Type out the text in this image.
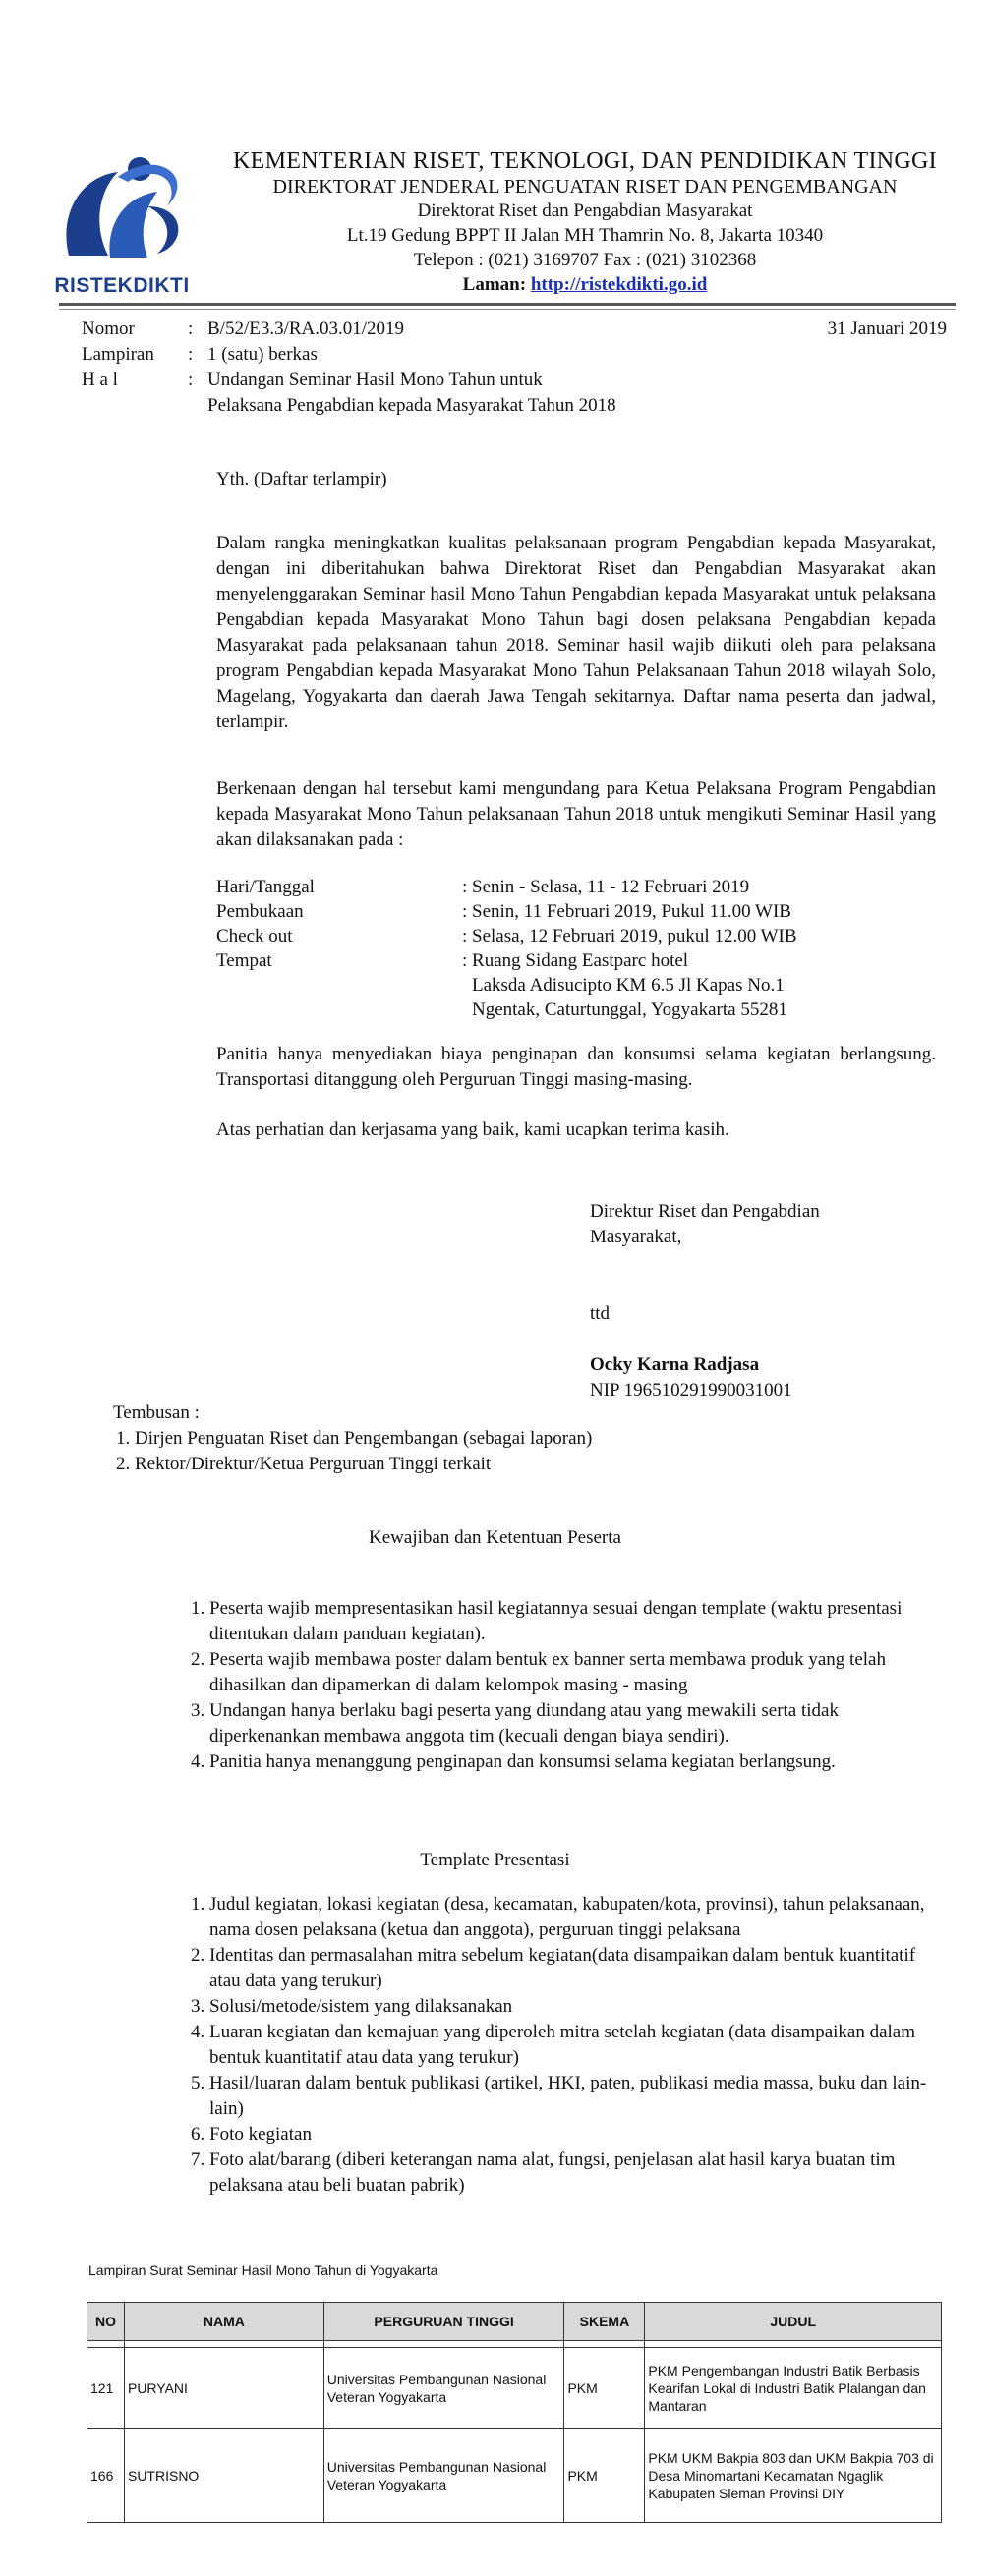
RISTEKDIKTI
KEMENTERIAN RISET, TEKNOLOGI, DAN PENDIDIKAN TINGGI
DIREKTORAT JENDERAL PENGUATAN RISET DAN PENGEMBANGAN
Direktorat Riset dan Pengabdian Masyarakat
Lt.19 Gedung BPPT II Jalan MH Thamrin No. 8, Jakarta 10340
Telepon : (021) 3169707 Fax : (021) 3102368
Laman: http://ristekdikti.go.id
Nomor	: B/52/E3.3/RA.03.01/2019	31 Januari 2019
Lampiran	: 1 (satu) berkas
H a l	: Undangan Seminar Hasil Mono Tahun untuk
Pelaksana Pengabdian kepada Masyarakat Tahun 2018
Yth. (Daftar terlampir)
Dalam rangka meningkatkan kualitas pelaksanaan program Pengabdian kepada Masyarakat, dengan ini diberitahukan bahwa Direktorat Riset dan Pengabdian Masyarakat akan menyelenggarakan Seminar hasil Mono Tahun Pengabdian kepada Masyarakat untuk pelaksana Pengabdian kepada Masyarakat Mono Tahun bagi dosen pelaksana Pengabdian kepada Masyarakat pada pelaksanaan tahun 2018. Seminar hasil wajib diikuti oleh para pelaksana program Pengabdian kepada Masyarakat Mono Tahun Pelaksanaan Tahun 2018 wilayah Solo, Magelang, Yogyakarta dan daerah Jawa Tengah sekitarnya. Daftar nama peserta dan jadwal, terlampir.
Berkenaan dengan hal tersebut kami mengundang para Ketua Pelaksana Program Pengabdian kepada Masyarakat Mono Tahun pelaksanaan Tahun 2018 untuk mengikuti Seminar Hasil yang akan dilaksanakan pada :
Hari/Tanggal	: Senin - Selasa, 11 - 12 Februari 2019
Pembukaan	: Senin, 11 Februari 2019, Pukul 11.00 WIB
Check out	: Selasa, 12 Februari 2019, pukul 12.00 WIB
Tempat	: Ruang Sidang Eastparc hotel
Laksda Adisucipto KM 6.5 Jl Kapas No.1
Ngentak, Caturtunggal, Yogyakarta 55281
Panitia hanya menyediakan biaya penginapan dan konsumsi selama kegiatan berlangsung. Transportasi ditanggung oleh Perguruan Tinggi masing-masing.
Atas perhatian dan kerjasama yang baik, kami ucapkan terima kasih.
Direktur Riset dan Pengabdian
Masyarakat,
ttd
Ocky Karna Radjasa
NIP 196510291990031001
Tembusan :
1. Dirjen Penguatan Riset dan Pengembangan (sebagai laporan)
2. Rektor/Direktur/Ketua Perguruan Tinggi terkait
Kewajiban dan Ketentuan Peserta
1. Peserta wajib mempresentasikan hasil kegiatannya sesuai dengan template (waktu presentasi ditentukan dalam panduan kegiatan).
2. Peserta wajib membawa poster dalam bentuk ex banner serta membawa produk yang telah dihasilkan dan dipamerkan di dalam kelompok masing - masing
3. Undangan hanya berlaku bagi peserta yang diundang atau yang mewakili serta tidak diperkenankan membawa anggota tim (kecuali dengan biaya sendiri).
4. Panitia hanya menanggung penginapan dan konsumsi selama kegiatan berlangsung.
Template Presentasi
1. Judul kegiatan, lokasi kegiatan (desa, kecamatan, kabupaten/kota, provinsi), tahun pelaksanaan, nama dosen pelaksana (ketua dan anggota), perguruan tinggi pelaksana
2. Identitas dan permasalahan mitra sebelum kegiatan(data disampaikan dalam bentuk kuantitatif atau data yang terukur)
3. Solusi/metode/sistem yang dilaksanakan
4. Luaran kegiatan dan kemajuan yang diperoleh mitra setelah kegiatan (data disampaikan dalam bentuk kuantitatif atau data yang terukur)
5. Hasil/luaran dalam bentuk publikasi (artikel, HKI, paten, publikasi media massa, buku dan lain-lain)
6. Foto kegiatan
7. Foto alat/barang (diberi keterangan nama alat, fungsi, penjelasan alat hasil karya buatan tim pelaksana atau beli buatan pabrik)
Lampiran Surat Seminar Hasil Mono Tahun di Yogyakarta
NO	NAMA	PERGURUAN TINGGI	SKEMA	JUDUL

121	PURYANI	Universitas Pembangunan Nasional Veteran Yogyakarta	PKM	PKM Pengembangan Industri Batik Berbasis Kearifan Lokal di Industri Batik Plalangan dan Mantaran
166	SUTRISNO	Universitas Pembangunan Nasional Veteran Yogyakarta	PKM	PKM UKM Bakpia 803 dan UKM Bakpia 703 di Desa Minomartani Kecamatan Ngaglik Kabupaten Sleman Provinsi DIY
